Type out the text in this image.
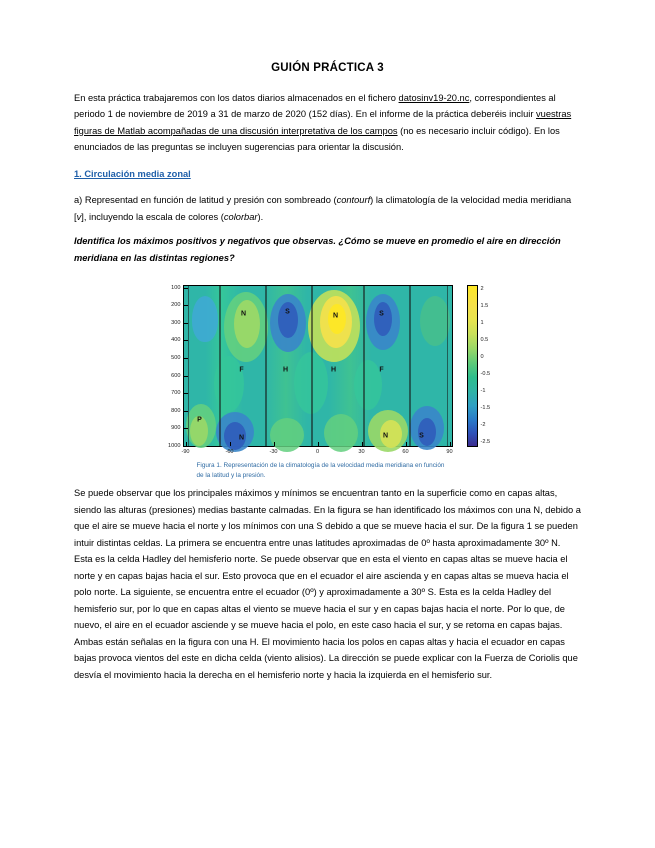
GUIÓN PRÁCTICA 3

En esta práctica trabajaremos con los datos diarios almacenados en el fichero datosinv19-20.nc, correspondientes al periodo 1 de noviembre de 2019 a 31 de marzo de 2020 (152 días). En el informe de la práctica deberéis incluir vuestras figuras de Matlab acompañadas de una discusión interpretativa de los campos (no es necesario incluir código). En los enunciados de las preguntas se incluyen sugerencias para orientar la discusión.

1. Circulación media zonal

a) Representad en función de latitud y presión con sombreado (contourf) la climatología de la velocidad media meridiana [v], incluyendo la escala de colores (colorbar).

Identifica los máximos positivos y negativos que observas. ¿Cómo se mueve en promedio el aire en dirección meridiana en las distintas regiones?

N	S
N	S
F	H	H	F
P
N	N	S
100
200
300
400
500
600
700
800
900
1000
-90	-60	-30	0	30	60	90
2
1.5
1
0.5
0
-0.5
-1
-1.5
-2
-2.5
Figura 1. Representación de la climatología de la velocidad media meridiana en función de la latitud y la presión.

Se puede observar que los principales máximos y mínimos se encuentran tanto en la superficie como en capas altas, siendo las alturas (presiones) medias bastante calmadas. En la figura se han identificado los máximos con una N, debido a que el aire se mueve hacia el norte y los mínimos con una S debido a que se mueve hacia el sur. De la figura 1 se pueden intuir distintas celdas. La primera se encuentra entre unas latitudes aproximadas de 0º hasta aproximadamente 30º N. Esta es la celda Hadley del hemisferio norte. Se puede observar que en esta el viento en capas altas se mueve hacia el norte y en capas bajas hacia el sur. Esto provoca que en el ecuador el aire ascienda y en capas altas se mueva hacia el polo norte. La siguiente, se encuentra entre el ecuador (0º) y aproximadamente a 30º S. Esta es la celda Hadley del hemisferio sur, por lo que en capas altas el viento se mueve hacia el sur y en capas bajas hacia el norte. Por lo que, de nuevo, el aire en el ecuador asciende y se mueve hacia el polo, en este caso hacia el sur, y se retoma en capas bajas. Ambas están señalas en la figura con una H. El movimiento hacia los polos en capas altas y hacia el ecuador en capas bajas provoca vientos del este en dicha celda (viento alisios). La dirección se puede explicar con la Fuerza de Coriolis que desvía el movimiento hacia la derecha en el hemisferio norte y hacia la izquierda en el hemisferio sur.
